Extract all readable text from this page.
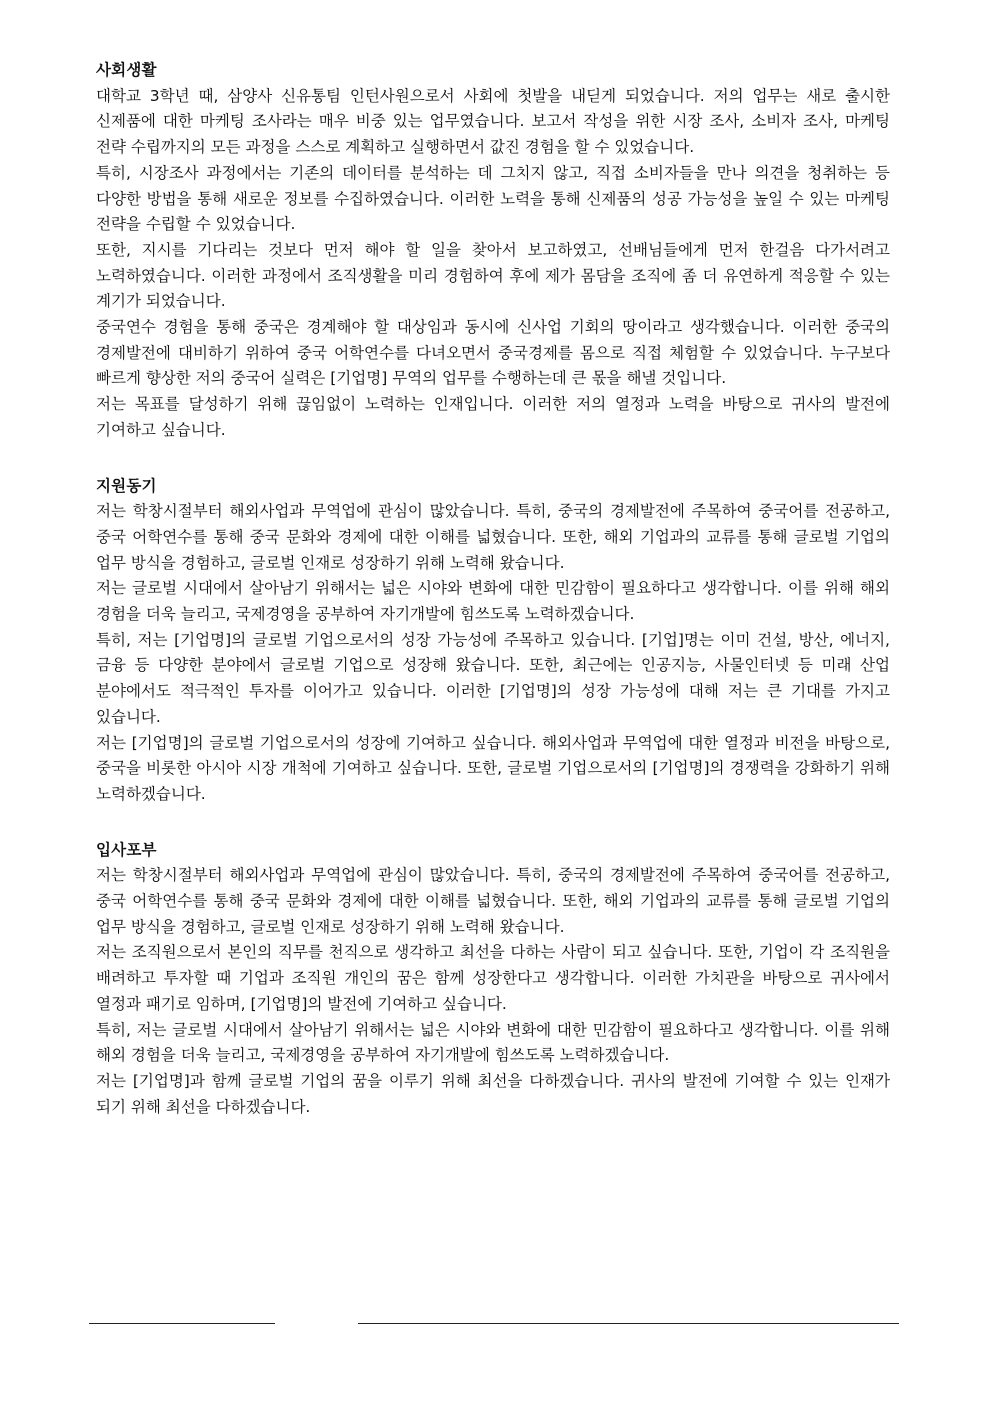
사회생활

대학교 3학년 때, 삼양사 신유통팀 인턴사원으로서 사회에 첫발을 내딛게 되었습니다. 저의 업무는 새로 출시한 신제품에 대한 마케팅 조사라는 매우 비중 있는 업무였습니다. 보고서 작성을 위한 시장 조사, 소비자 조사, 마케팅 전략 수립까지의 모든 과정을 스스로 계획하고 실행하면서 값진 경험을 할 수 있었습니다.

특히, 시장조사 과정에서는 기존의 데이터를 분석하는 데 그치지 않고, 직접 소비자들을 만나 의견을 청취하는 등 다양한 방법을 통해 새로운 정보를 수집하였습니다. 이러한 노력을 통해 신제품의 성공 가능성을 높일 수 있는 마케팅 전략을 수립할 수 있었습니다.

또한, 지시를 기다리는 것보다 먼저 해야 할 일을 찾아서 보고하였고, 선배님들에게 먼저 한걸음 다가서려고 노력하였습니다. 이러한 과정에서 조직생활을 미리 경험하여 후에 제가 몸담을 조직에 좀 더 유연하게 적응할 수 있는 계기가 되었습니다.

중국연수 경험을 통해 중국은 경계해야 할 대상임과 동시에 신사업 기회의 땅이라고 생각했습니다. 이러한 중국의 경제발전에 대비하기 위하여 중국 어학연수를 다녀오면서 중국경제를 몸으로 직접 체험할 수 있었습니다. 누구보다 빠르게 향상한 저의 중국어 실력은 [기업명] 무역의 업무를 수행하는데 큰 몫을 해낼 것입니다.

저는 목표를 달성하기 위해 끊임없이 노력하는 인재입니다. 이러한 저의 열정과 노력을 바탕으로 귀사의 발전에 기여하고 싶습니다.

지원동기

저는 학창시절부터 해외사업과 무역업에 관심이 많았습니다. 특히, 중국의 경제발전에 주목하여 중국어를 전공하고, 중국 어학연수를 통해 중국 문화와 경제에 대한 이해를 넓혔습니다. 또한, 해외 기업과의 교류를 통해 글로벌 기업의 업무 방식을 경험하고, 글로벌 인재로 성장하기 위해 노력해 왔습니다.

저는 글로벌 시대에서 살아남기 위해서는 넓은 시야와 변화에 대한 민감함이 필요하다고 생각합니다. 이를 위해 해외 경험을 더욱 늘리고, 국제경영을 공부하여 자기개발에 힘쓰도록 노력하겠습니다.

특히, 저는 [기업명]의 글로벌 기업으로서의 성장 가능성에 주목하고 있습니다. [기업]명는 이미 건설, 방산, 에너지, 금융 등 다양한 분야에서 글로벌 기업으로 성장해 왔습니다. 또한, 최근에는 인공지능, 사물인터넷 등 미래 산업 분야에서도 적극적인 투자를 이어가고 있습니다. 이러한 [기업명]의 성장 가능성에 대해 저는 큰 기대를 가지고 있습니다.

저는 [기업명]의 글로벌 기업으로서의 성장에 기여하고 싶습니다. 해외사업과 무역업에 대한 열정과 비전을 바탕으로, 중국을 비롯한 아시아 시장 개척에 기여하고 싶습니다. 또한, 글로벌 기업으로서의 [기업명]의 경쟁력을 강화하기 위해 노력하겠습니다.

입사포부

저는 학창시절부터 해외사업과 무역업에 관심이 많았습니다. 특히, 중국의 경제발전에 주목하여 중국어를 전공하고, 중국 어학연수를 통해 중국 문화와 경제에 대한 이해를 넓혔습니다. 또한, 해외 기업과의 교류를 통해 글로벌 기업의 업무 방식을 경험하고, 글로벌 인재로 성장하기 위해 노력해 왔습니다.

저는 조직원으로서 본인의 직무를 천직으로 생각하고 최선을 다하는 사람이 되고 싶습니다. 또한, 기업이 각 조직원을 배려하고 투자할 때 기업과 조직원 개인의 꿈은 함께 성장한다고 생각합니다. 이러한 가치관을 바탕으로 귀사에서 열정과 패기로 임하며, [기업명]의 발전에 기여하고 싶습니다.

특히, 저는 글로벌 시대에서 살아남기 위해서는 넓은 시야와 변화에 대한 민감함이 필요하다고 생각합니다. 이를 위해 해외 경험을 더욱 늘리고, 국제경영을 공부하여 자기개발에 힘쓰도록 노력하겠습니다.

저는 [기업명]과 함께 글로벌 기업의 꿈을 이루기 위해 최선을 다하겠습니다. 귀사의 발전에 기여할 수 있는 인재가 되기 위해 최선을 다하겠습니다.
